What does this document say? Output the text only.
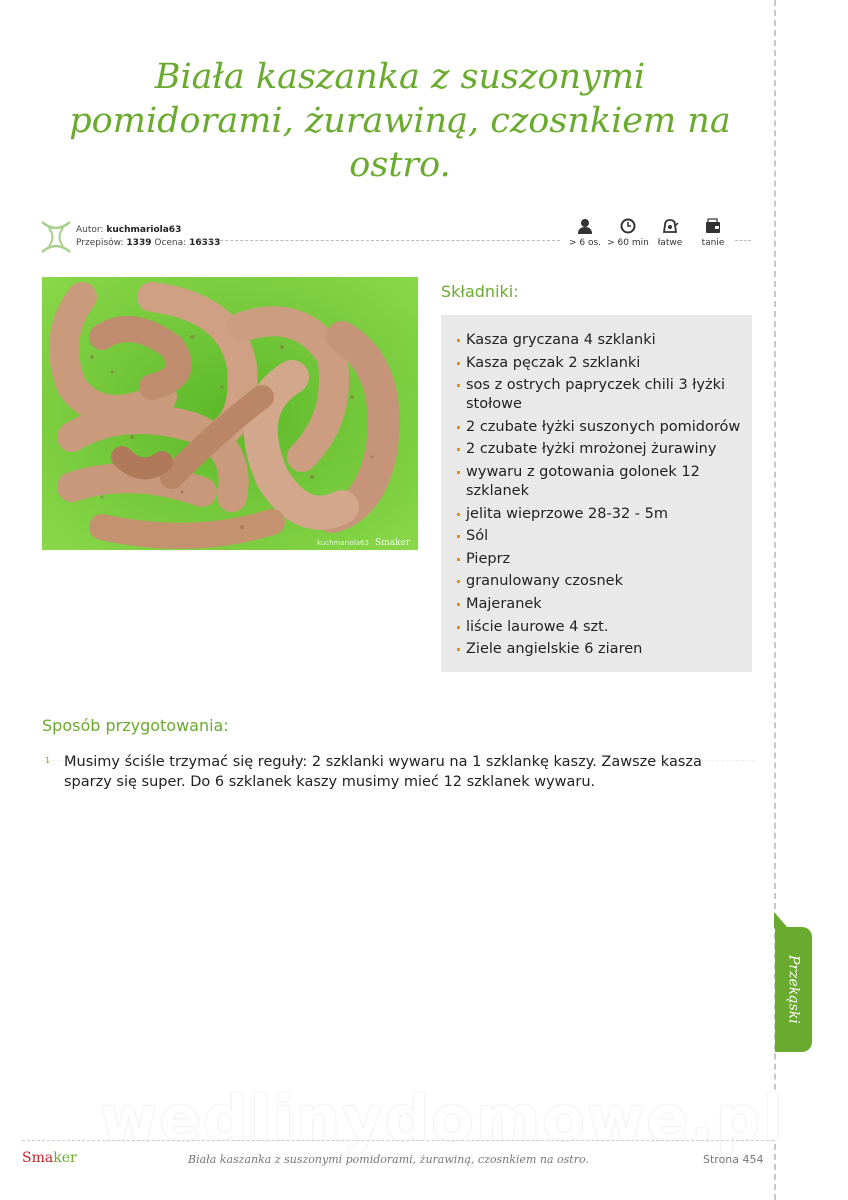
Biała kaszanka z suszonymi pomidorami, żurawiną, czosnkiem na ostro.
Autor: kuchmariola63
Przepisów: 1339 Ocena: 16333	> 6 os. > 60 min łatwe	tanie
kuchmariola63 Smaker
Składniki:
Kasza gryczana 4 szklanki
Kasza pęczak 2 szklanki
sos z ostrych papryczek chili 3 łyżki stołowe
2 czubate łyżki suszonych pomidorów
2 czubate łyżki mrożonej żurawiny
wywaru z gotowania golonek 12 szklanek
jelita wieprzowe 28-32 - 5m
Sól
Pieprz
granulowany czosnek
Majeranek
liście laurowe 4 szt.
Ziele angielskie 6 ziaren
Sposób przygotowania:
1 Musimy ściśle trzymać się reguły: 2 szklanki wywaru na 1 szklankę kaszy. Zawsze kasza sparzy się super. Do 6 szklanek kaszy musimy mieć 12 szklanek wywaru.
Przekąski
wedlinydomowe.pl
Smaker	Biała kaszanka z suszonymi pomidorami, żurawiną, czosnkiem na ostro.	Strona 454
